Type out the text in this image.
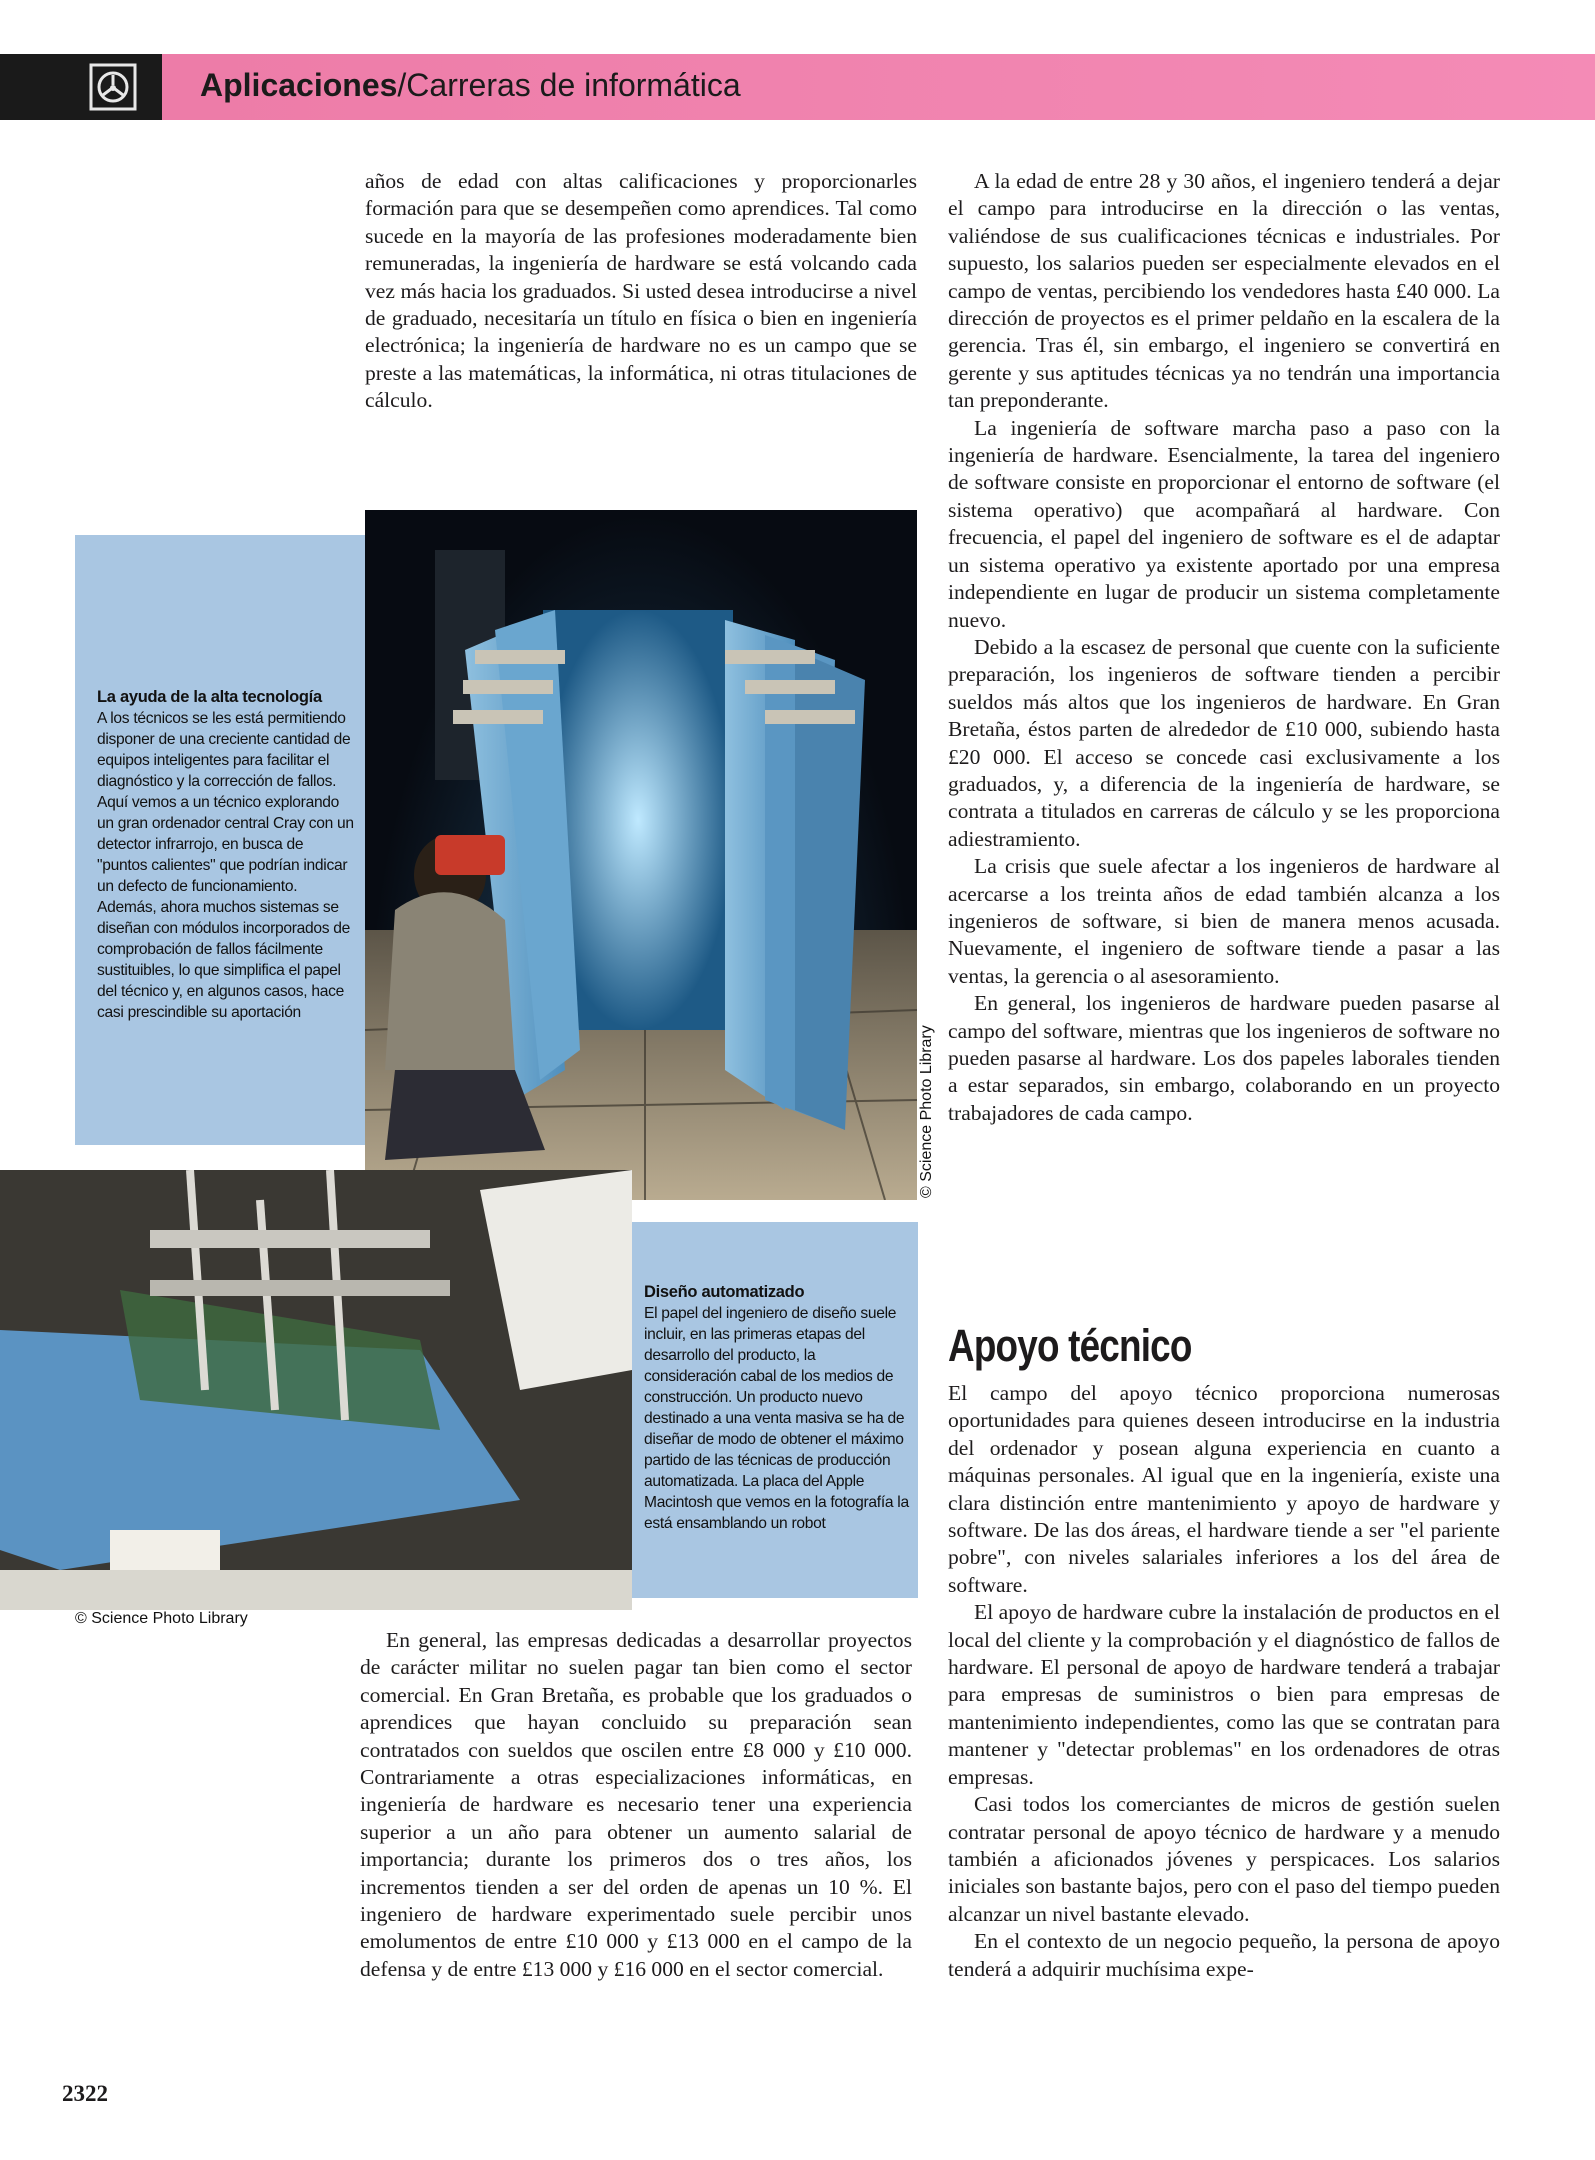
Aplicaciones/Carreras de informática

años de edad con altas calificaciones y proporcionarles formación para que se desempeñen como aprendices. Tal como sucede en la mayoría de las profesiones moderadamente bien remuneradas, la ingeniería de hardware se está volcando cada vez más hacia los graduados. Si usted desea introducirse a nivel de graduado, necesitaría un título en física o bien en ingeniería electrónica; la ingeniería de hardware no es un campo que se preste a las matemáticas, la informática, ni otras titulaciones de cálculo.

La ayuda de la alta tecnología

A los técnicos se les está permitiendo disponer de una creciente cantidad de equipos inteligentes para facilitar el diagnóstico y la corrección de fallos. Aquí vemos a un técnico explorando un gran ordenador central Cray con un detector infrarrojo, en busca de "puntos calientes" que podrían indicar un defecto de funcionamiento. Además, ahora muchos sistemas se diseñan con módulos incorporados de comprobación de fallos fácilmente sustituibles, lo que simplifica el papel del técnico y, en algunos casos, hace casi prescindible su aportación

© Science Photo Library
Diseño automatizado

El papel del ingeniero de diseño suele incluir, en las primeras etapas del desarrollo del producto, la consideración cabal de los medios de construcción. Un producto nuevo destinado a una venta masiva se ha de diseñar de modo de obtener el máximo partido de las técnicas de producción automatizada. La placa del Apple Macintosh que vemos en la fotografía la está ensamblando un robot

© Science Photo Library

En general, las empresas dedicadas a desarrollar proyectos de carácter militar no suelen pagar tan bien como el sector comercial. En Gran Bretaña, es probable que los graduados o aprendices que hayan concluido su preparación sean contratados con sueldos que oscilen entre £8 000 y £10 000. Contrariamente a otras especializaciones informáticas, en ingeniería de hardware es necesario tener una experiencia superior a un año para obtener un aumento salarial de importancia; durante los primeros dos o tres años, los incrementos tienden a ser del orden de apenas un 10 %. El ingeniero de hardware experimentado suele percibir unos emolumentos de entre £10 000 y £13 000 en el campo de la defensa y de entre £13 000 y £16 000 en el sector comercial.

A la edad de entre 28 y 30 años, el ingeniero tenderá a dejar el campo para introducirse en la dirección o las ventas, valiéndose de sus cualificaciones técnicas e industriales. Por supuesto, los salarios pueden ser especialmente elevados en el campo de ventas, percibiendo los vendedores hasta £40 000. La dirección de proyectos es el primer peldaño en la escalera de la gerencia. Tras él, sin embargo, el ingeniero se convertirá en gerente y sus aptitudes técnicas ya no tendrán una importancia tan preponderante.

La ingeniería de software marcha paso a paso con la ingeniería de hardware. Esencialmente, la tarea del ingeniero de software consiste en proporcionar el entorno de software (el sistema operativo) que acompañará al hardware. Con frecuencia, el papel del ingeniero de software es el de adaptar un sistema operativo ya existente aportado por una empresa independiente en lugar de producir un sistema completamente nuevo.

Debido a la escasez de personal que cuente con la suficiente preparación, los ingenieros de software tienden a percibir sueldos más altos que los ingenieros de hardware. En Gran Bretaña, éstos parten de alrededor de £10 000, subiendo hasta £20 000. El acceso se concede casi exclusivamente a los graduados, y, a diferencia de la ingeniería de hardware, se contrata a titulados en carreras de cálculo y se les proporciona adiestramiento.

La crisis que suele afectar a los ingenieros de hardware al acercarse a los treinta años de edad también alcanza a los ingenieros de software, si bien de manera menos acusada. Nuevamente, el ingeniero de software tiende a pasar a las ventas, la gerencia o al asesoramiento.

En general, los ingenieros de hardware pueden pasarse al campo del software, mientras que los ingenieros de software no pueden pasarse al hardware. Los dos papeles laborales tienden a estar separados, sin embargo, colaborando en un proyecto trabajadores de cada campo.

Apoyo técnico

El campo del apoyo técnico proporciona numerosas oportunidades para quienes deseen introducirse en la industria del ordenador y posean alguna experiencia en cuanto a máquinas personales. Al igual que en la ingeniería, existe una clara distinción entre mantenimiento y apoyo de hardware y software. De las dos áreas, el hardware tiende a ser "el pariente pobre", con niveles salariales inferiores a los del área de software.

El apoyo de hardware cubre la instalación de productos en el local del cliente y la comprobación y el diagnóstico de fallos de hardware. El personal de apoyo de hardware tenderá a trabajar para empresas de suministros o bien para empresas de mantenimiento independientes, como las que se contratan para mantener y "detectar problemas" en los ordenadores de otras empresas.

Casi todos los comerciantes de micros de gestión suelen contratar personal de apoyo técnico de hardware y a menudo también a aficionados jóvenes y perspicaces. Los salarios iniciales son bastante bajos, pero con el paso del tiempo pueden alcanzar un nivel bastante elevado.

En el contexto de un negocio pequeño, la persona de apoyo tenderá a adquirir muchísima expe-

2322
